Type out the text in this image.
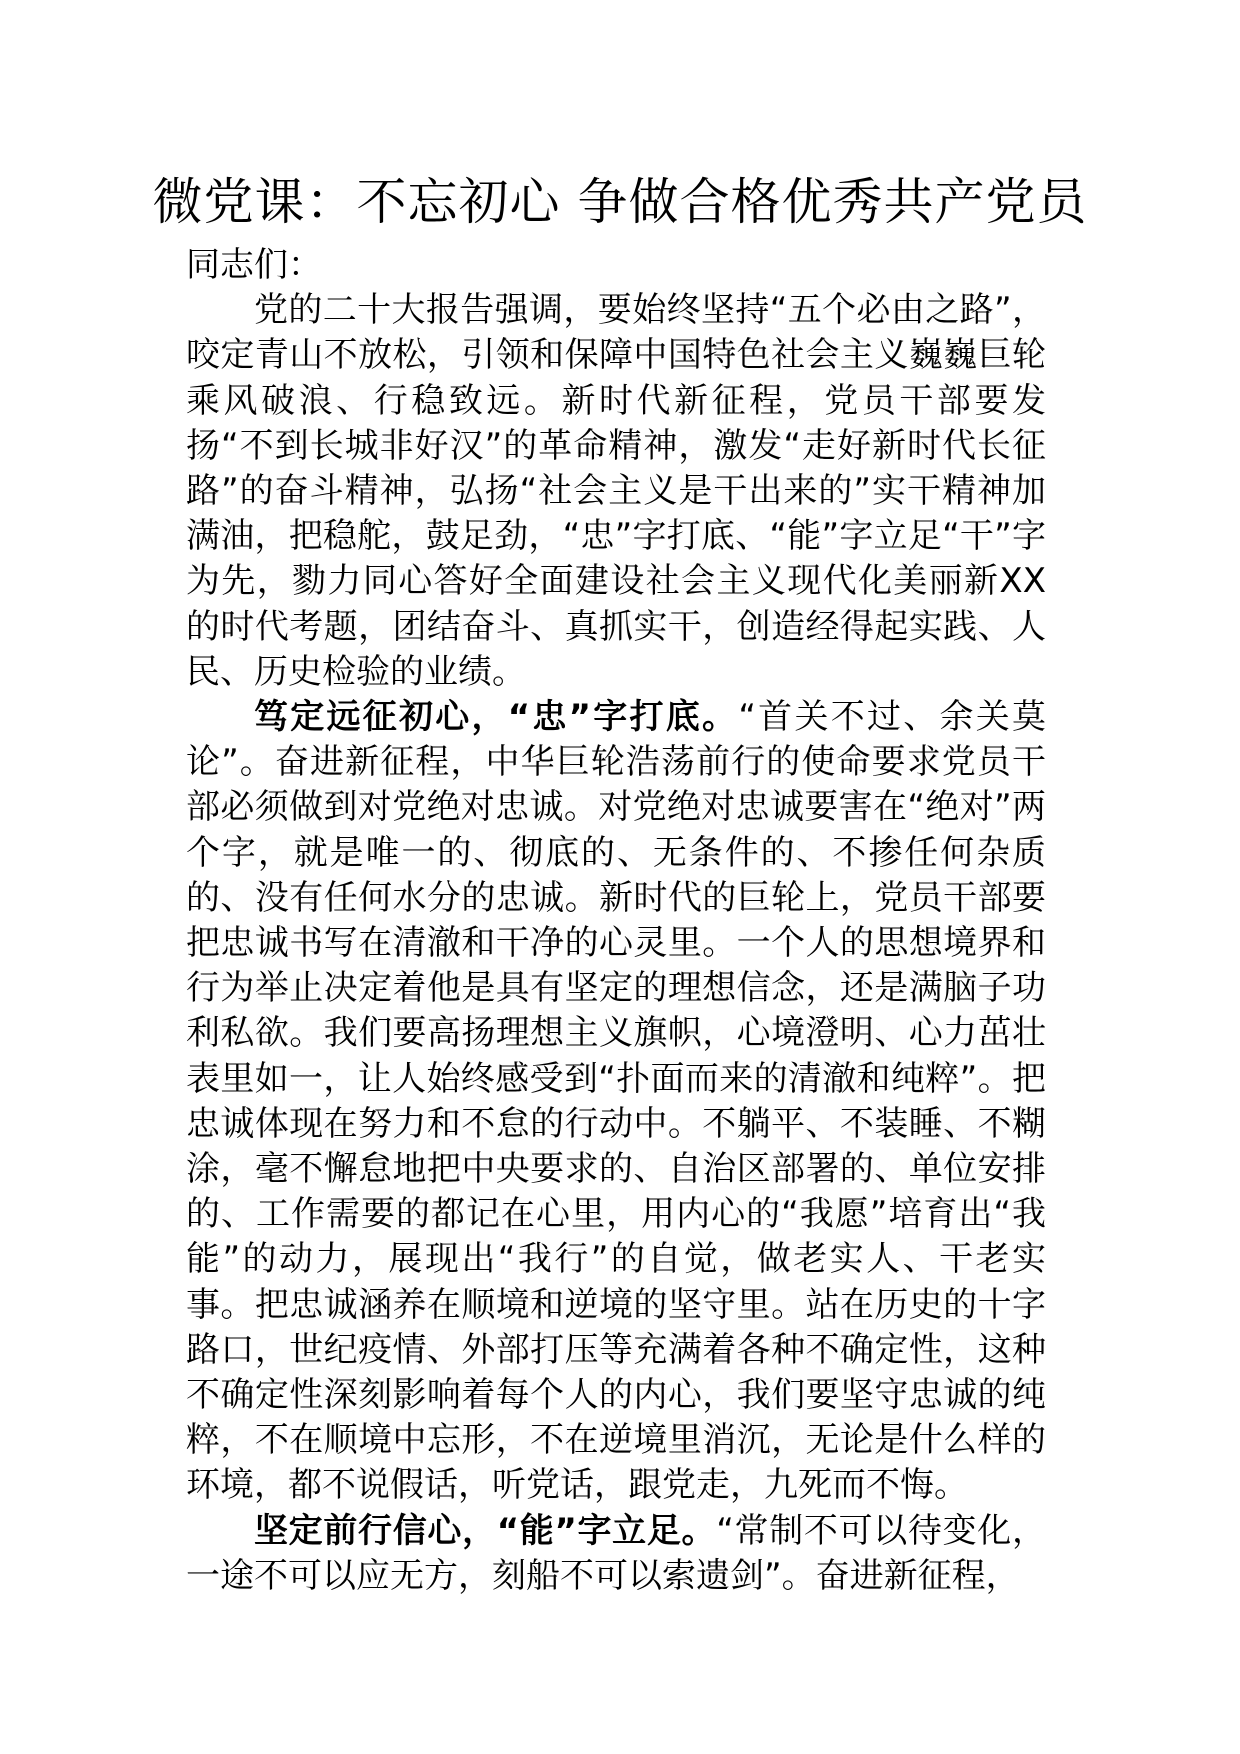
微党课：不忘初心 争做合格优秀共产党员

同志们：

党的二十大报告强调，要始终坚持“五个必由之路”，咬定青山不放松，引领和保障中国特色社会主义巍巍巨轮乘风破浪、行稳致远。新时代新征程，党员干部要发扬“不到长城非好汉”的革命精神，激发“走好新时代长征路”的奋斗精神，弘扬“社会主义是干出来的”实干精神加满油，把稳舵，鼓足劲，“忠”字打底、“能”字立足“干”字为先，勠力同心答好全面建设社会主义现代化美丽新XX的时代考题，团结奋斗、真抓实干，创造经得起实践、人民、历史检验的业绩。

笃定远征初心，“忠”字打底。“首关不过、余关莫论”。奋进新征程，中华巨轮浩荡前行的使命要求党员干部必须做到对党绝对忠诚。对党绝对忠诚要害在“绝对”两个字，就是唯一的、彻底的、无条件的、不掺任何杂质的、没有任何水分的忠诚。新时代的巨轮上，党员干部要把忠诚书写在清澈和干净的心灵里。一个人的思想境界和行为举止决定着他是具有坚定的理想信念，还是满脑子功利私欲。我们要高扬理想主义旗帜，心境澄明、心力茁壮表里如一，让人始终感受到“扑面而来的清澈和纯粹”。把忠诚体现在努力和不怠的行动中。不躺平、不装睡、不糊涂，毫不懈怠地把中央要求的、自治区部署的、单位安排的、工作需要的都记在心里，用内心的“我愿”培育出“我能”的动力，展现出“我行”的自觉，做老实人、干老实事。把忠诚涵养在顺境和逆境的坚守里。站在历史的十字路口，世纪疫情、外部打压等充满着各种不确定性，这种不确定性深刻影响着每个人的内心，我们要坚守忠诚的纯粹，不在顺境中忘形，不在逆境里消沉，无论是什么样的环境，都不说假话，听党话，跟党走，九死而不悔。

坚定前行信心，“能”字立足。“常制不可以待变化，一途不可以应无方，刻船不可以索遗剑”。奋进新征程，
